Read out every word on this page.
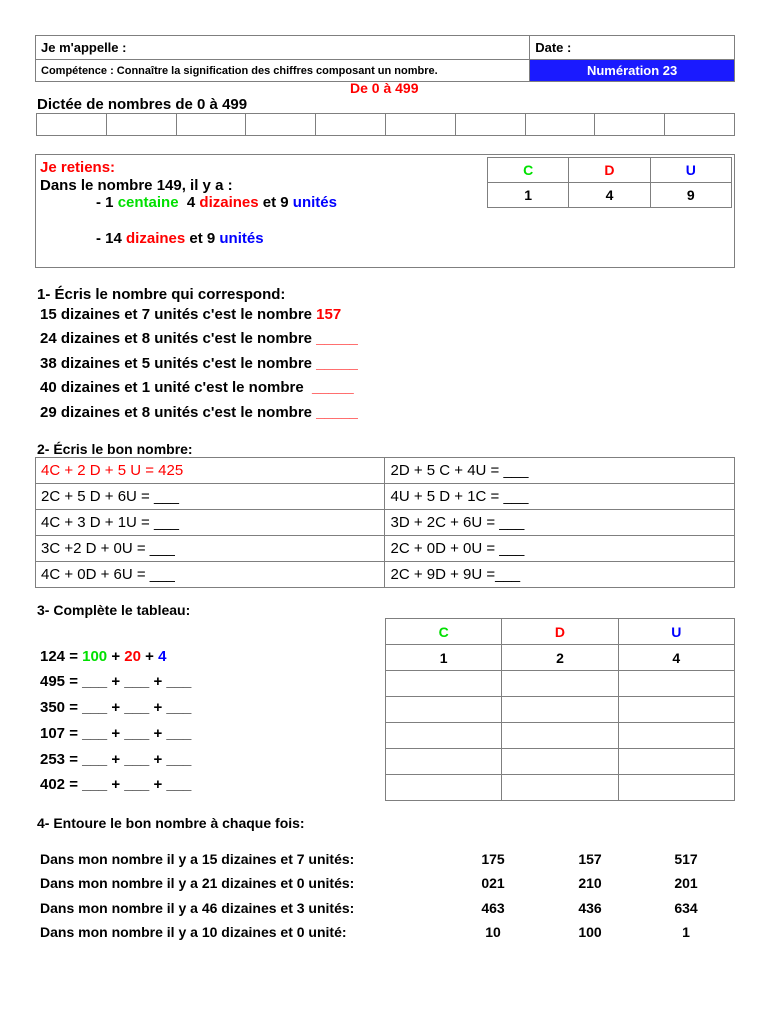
Je m'appelle :	Date :
Compétence : Connaître la signification des chiffres composant un nombre.	Numération 23
De 0 à 499
Dictée de nombres de 0 à 499

Je retiens:
Dans le nombre 149, il y a :
- 1 centaine  4 dizaines et 9 unités
- 14 dizaines et 9 unités
C	D	U
1	4	9
1- Écris le nombre qui correspond:
15 dizaines et 7 unités c'est le nombre 157
24 dizaines et 8 unités c'est le nombre _____
38 dizaines et 5 unités c'est le nombre _____
40 dizaines et 1 unité c'est le nombre  _____
29 dizaines et 8 unités c'est le nombre _____
2- Écris le bon nombre:
4C + 2 D + 5 U = 425	2D + 5 C + 4U = ___
2C + 5 D + 6U = ___	4U + 5 D + 1C = ___
4C + 3 D + 1U = ___	3D + 2C + 6U = ___
3C +2 D + 0U = ___	2C + 0D + 0U = ___
4C + 0D + 6U = ___	2C + 9D + 9U =___
3- Complète le tableau:
124 = 100 + 20 + 4
495 = ___ + ___ + ___
350 = ___ + ___ + ___
107 = ___ + ___ + ___
253 = ___ + ___ + ___
402 = ___ + ___ + ___
C	D	U
1	2	4

4- Entoure le bon nombre à chaque fois:
Dans mon nombre il y a 15 dizaines et 7 unités:	175	157	517
Dans mon nombre il y a 21 dizaines et 0 unités:	021	210	201
Dans mon nombre il y a 46 dizaines et 3 unités:	463	436	634
Dans mon nombre il y a 10 dizaines et 0 unité:	10	100	1
